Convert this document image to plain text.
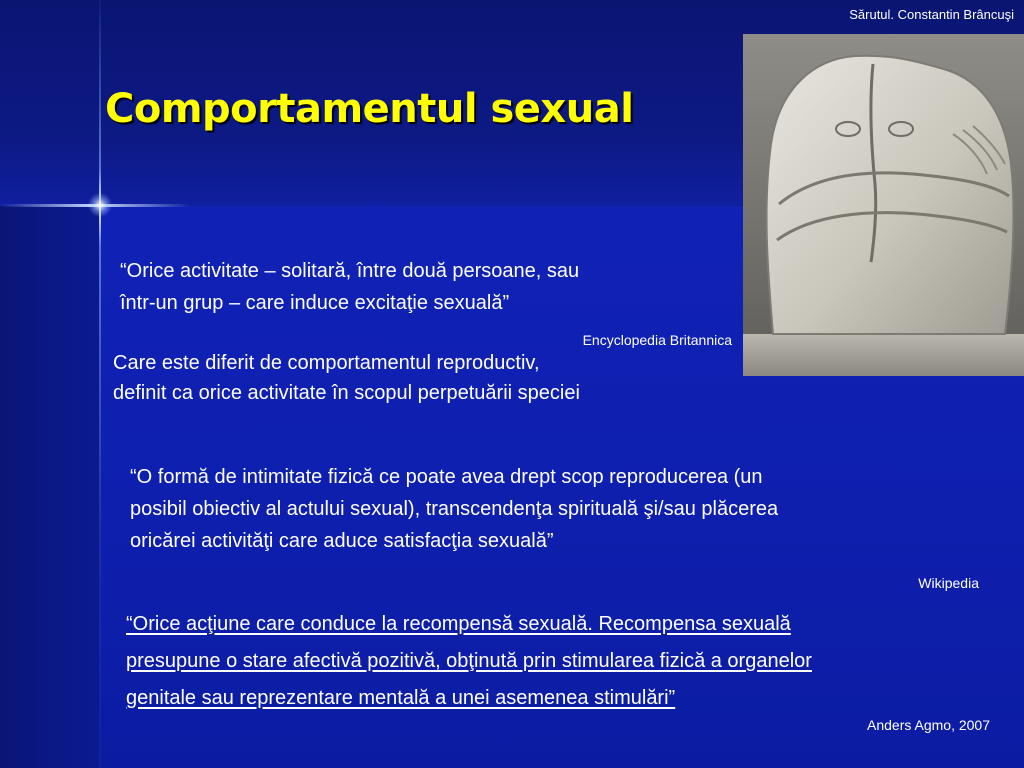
Sărutul. Constantin Brâncuşi
Comportamentul sexual
“Orice activitate – solitară, între două persoane, sau
într-un grup – care induce excitaţie sexuală”
Encyclopedia Britannica
Care este diferit de comportamentul reproductiv,
definit ca orice activitate în scopul perpetuării speciei
“O formă de intimitate fizică ce poate avea drept scop reproducerea (un
posibil obiectiv al actului sexual), transcendenţa spirituală şi/sau plăcerea
oricărei activităţi care aduce satisfacţia sexuală”
Wikipedia
“Orice acţiune care conduce la recompensă sexuală. Recompensa sexuală
presupune o stare afectivă pozitivă, obţinută prin stimularea fizică a organelor
genitale sau reprezentare mentală a unei asemenea stimulări”
Anders Agmo, 2007
